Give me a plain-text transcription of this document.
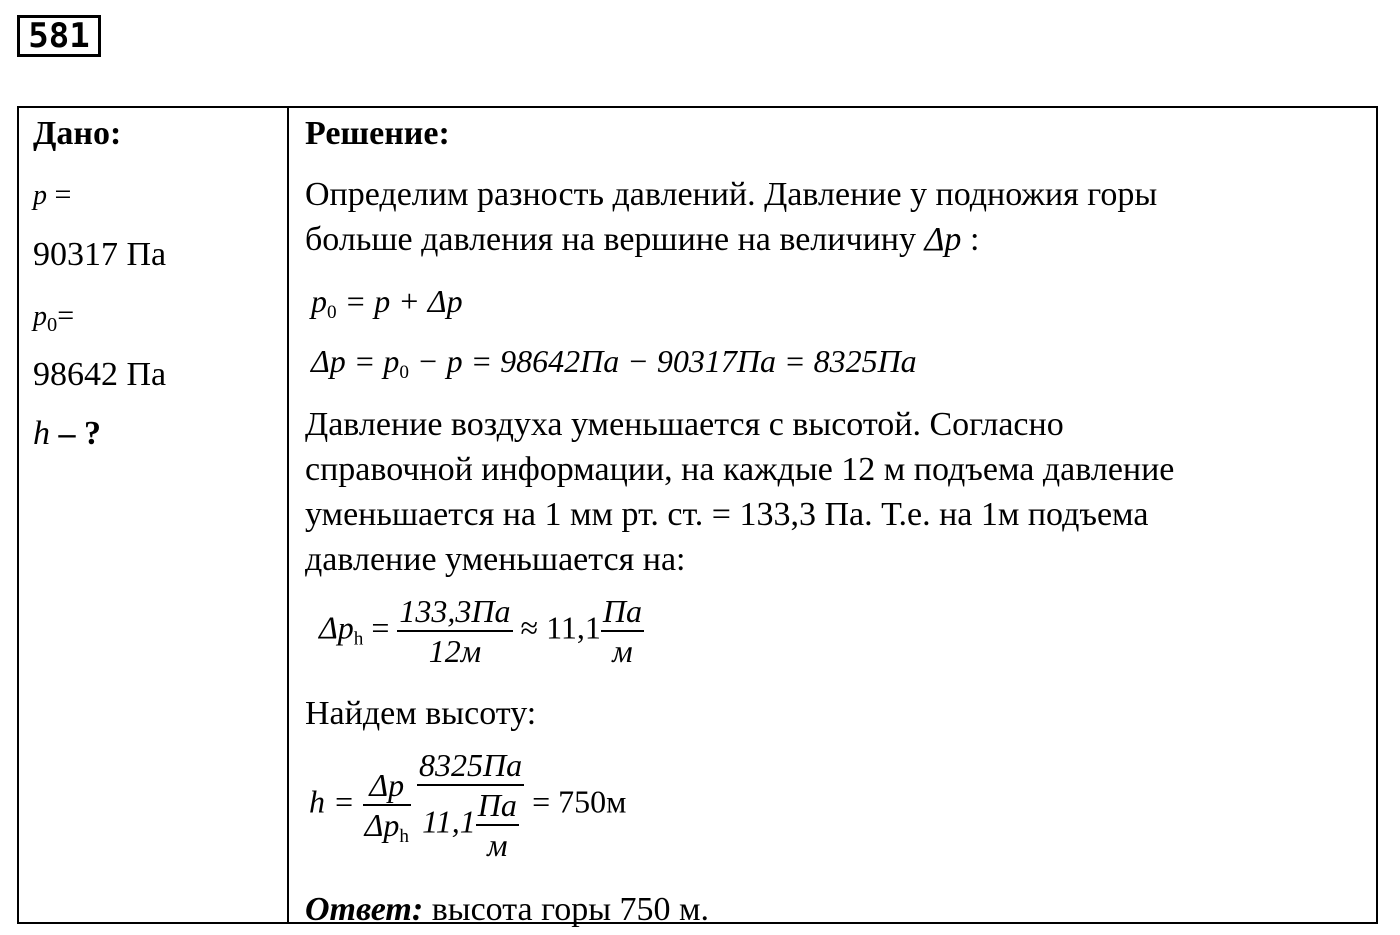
581
Дано:
p =
90317 Па
$p_0=$
98642 Па
h – ?
Решение:
Определим разность давлений. Давление у подножия горы
больше давления на вершине на величину Δp :
$p_0 = p + \Delta p$
$\Delta p = p_0 - p = 98642Па - 90317Па = 8325Па$
Давление воздуха уменьшается с высотой. Согласно
справочной информации, на каждые 12 м подъема давление
уменьшается на 1 мм рт. ст. = 133,3 Па. Т.е. на 1м подъема
давление уменьшается на:
$\Delta p_h = \frac{133,3Па}{12м} \approx 11,1 \frac{Па}{м}$
Найдем высоту:
$h = \frac{\Delta p}{\Delta p_h} \frac{8325Па}{11,1 \frac{Па}{м}} = 750м$
Ответ: высота горы 750 м.
